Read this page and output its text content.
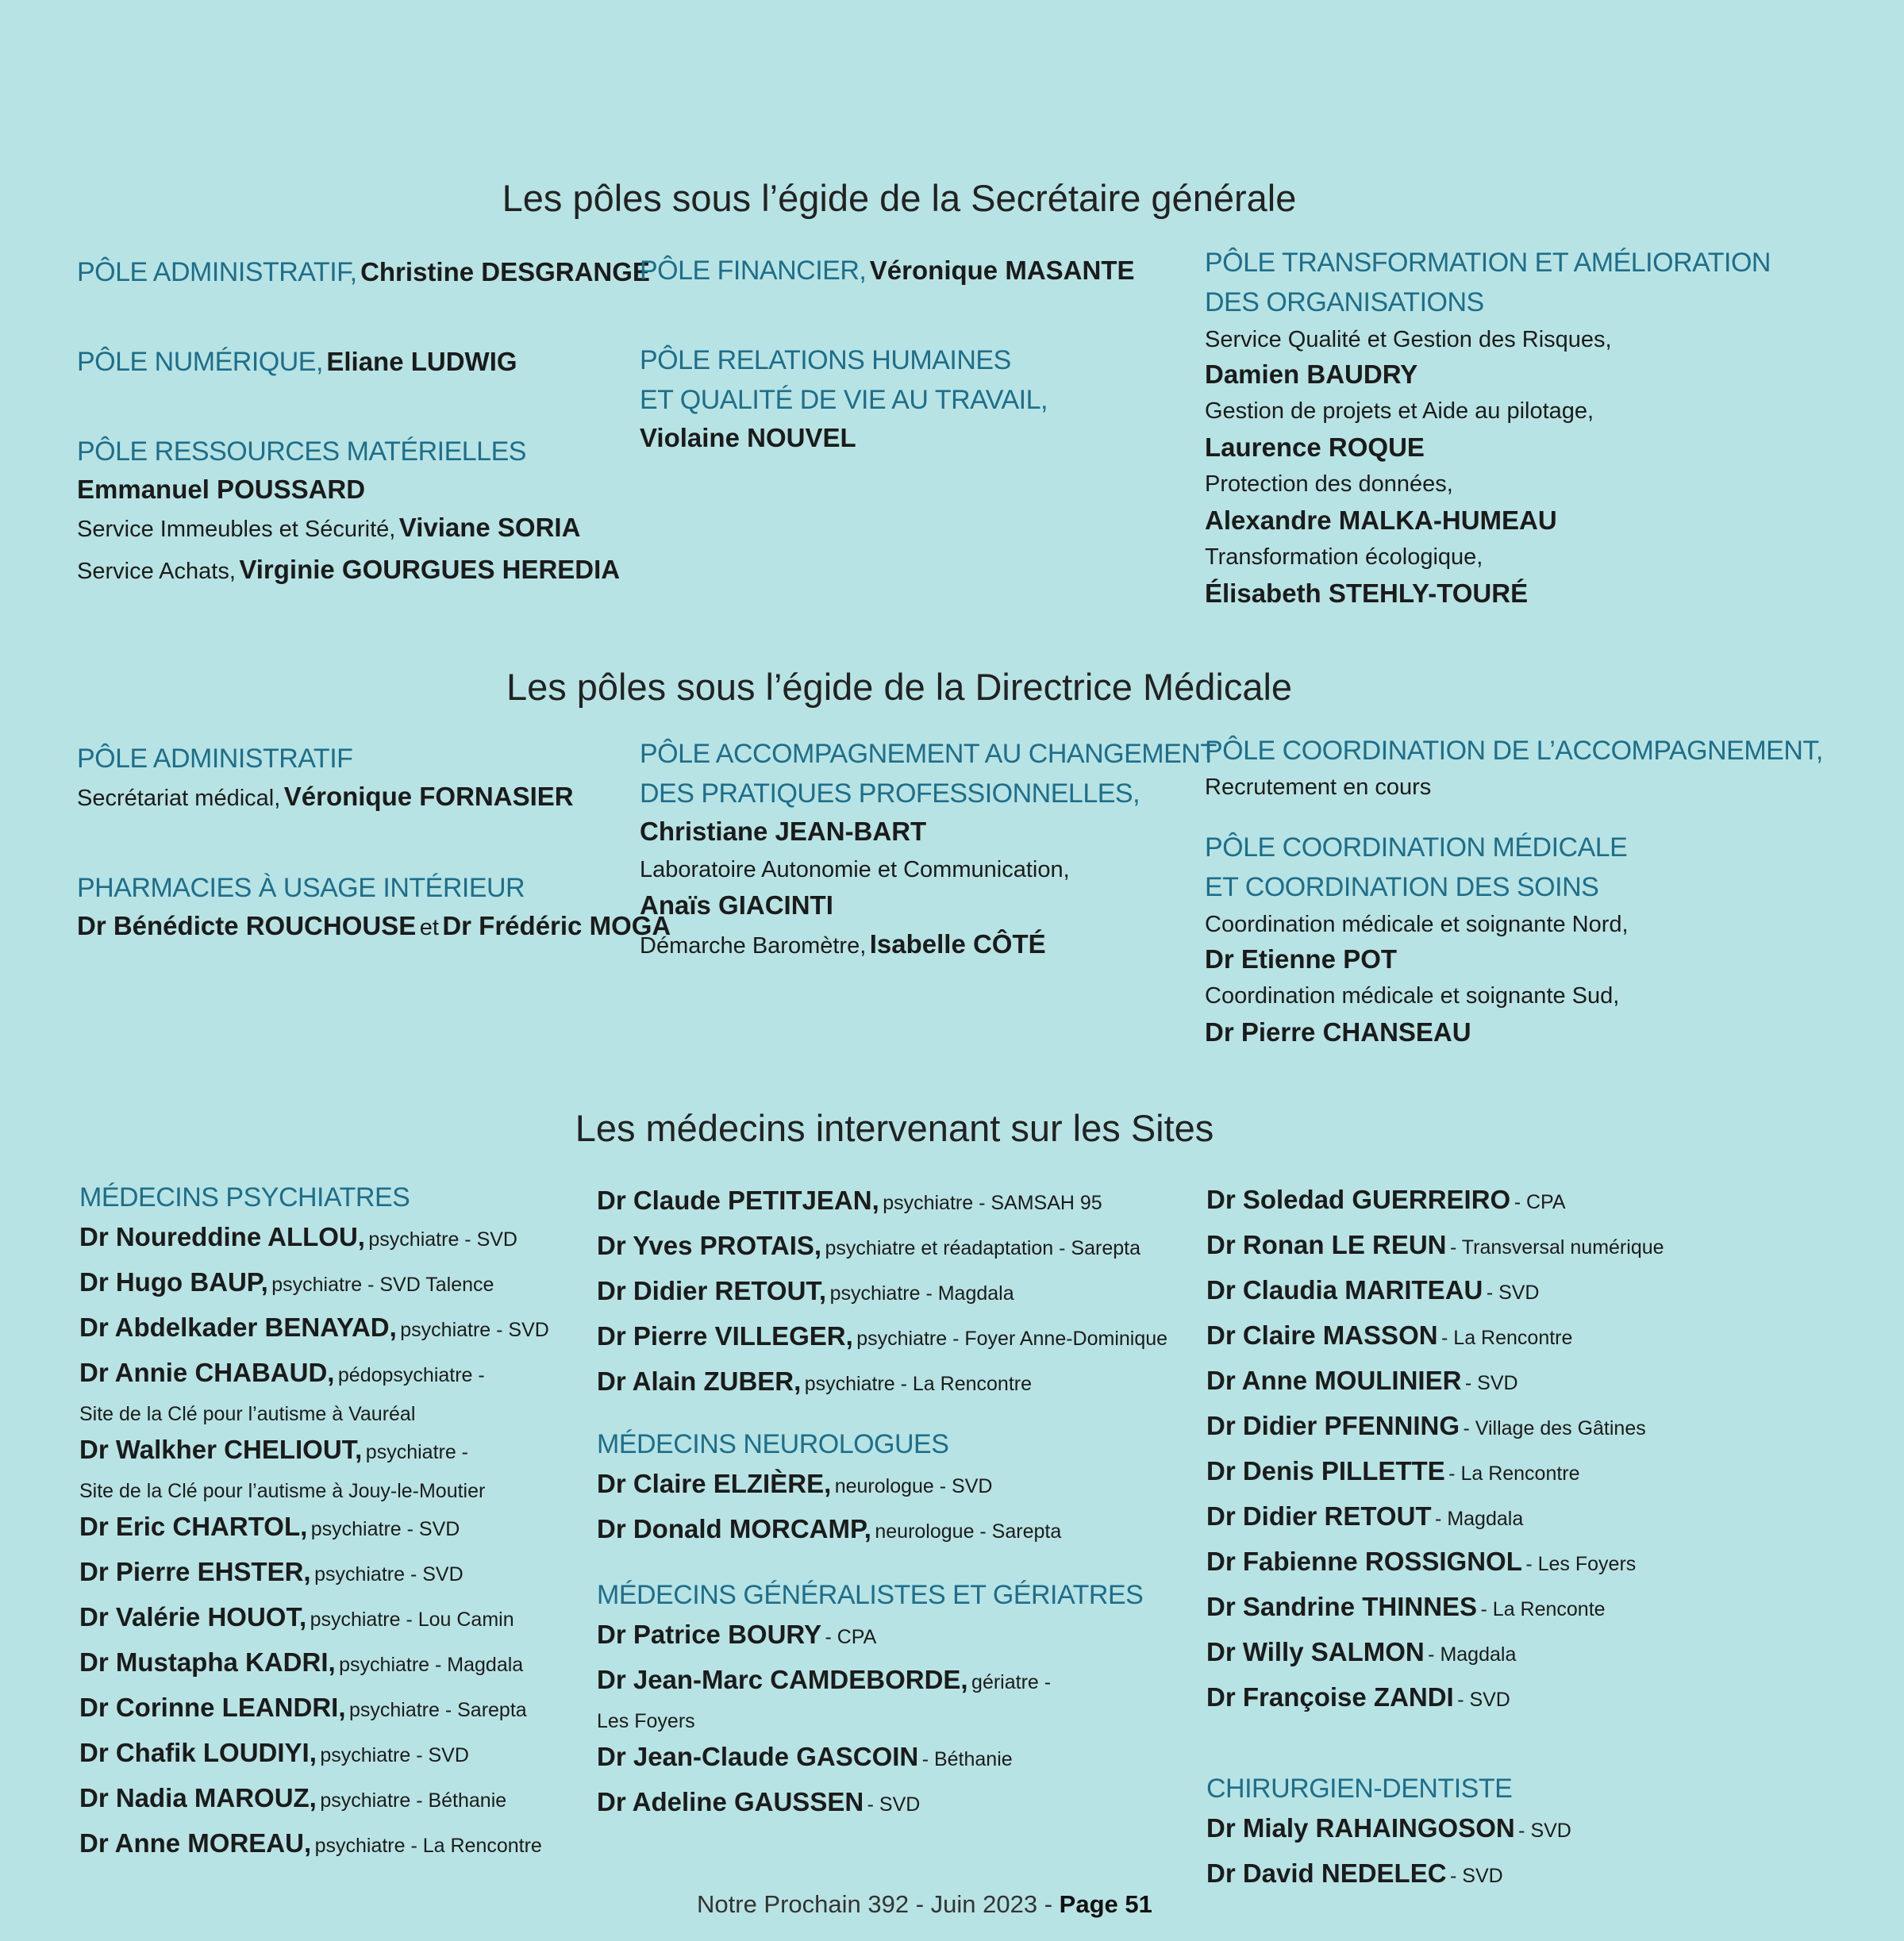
Les pôles sous l’égide de la Secrétaire générale
PÔLE ADMINISTRATIF, Christine DESGRANGE
PÔLE NUMÉRIQUE, Eliane LUDWIG
PÔLE RESSOURCES MATÉRIELLES
Emmanuel POUSSARD
Service Immeubles et Sécurité, Viviane SORIA
Service Achats, Virginie GOURGUES HEREDIA
PÔLE FINANCIER, Véronique MASANTE
PÔLE RELATIONS HUMAINES
ET QUALITÉ DE VIE AU TRAVAIL,
Violaine NOUVEL
PÔLE TRANSFORMATION ET AMÉLIORATION
DES ORGANISATIONS
Service Qualité et Gestion des Risques,
Damien BAUDRY
Gestion de projets et Aide au pilotage,
Laurence ROQUE
Protection des données,
Alexandre MALKA-HUMEAU
Transformation écologique,
Élisabeth STEHLY-TOURÉ
Les pôles sous l’égide de la Directrice Médicale
PÔLE ADMINISTRATIF
Secrétariat médical, Véronique FORNASIER
PHARMACIES À USAGE INTÉRIEUR
Dr Bénédicte ROUCHOUSE et Dr Frédéric MOGA
PÔLE ACCOMPAGNEMENT AU CHANGEMENT
DES PRATIQUES PROFESSIONNELLES,
Christiane JEAN-BART
Laboratoire Autonomie et Communication,
Anaïs GIACINTI
Démarche Baromètre, Isabelle CÔTÉ
PÔLE COORDINATION DE L’ACCOMPAGNEMENT,
Recrutement en cours
PÔLE COORDINATION MÉDICALE
ET COORDINATION DES SOINS
Coordination médicale et soignante Nord,
Dr Etienne POT
Coordination médicale et soignante Sud,
Dr Pierre CHANSEAU
Les médecins intervenant sur les Sites
MÉDECINS PSYCHIATRES
Dr Noureddine ALLOU, psychiatre - SVD
Dr Hugo BAUP, psychiatre - SVD Talence
Dr Abdelkader BENAYAD, psychiatre - SVD
Dr Annie CHABAUD, pédopsychiatre -
Site de la Clé pour l’autisme à Vauréal
Dr Walkher CHELIOUT, psychiatre -
Site de la Clé pour l’autisme à Jouy-le-Moutier
Dr Eric CHARTOL, psychiatre - SVD
Dr Pierre EHSTER, psychiatre - SVD
Dr Valérie HOUOT, psychiatre - Lou Camin
Dr Mustapha KADRI, psychiatre - Magdala
Dr Corinne LEANDRI, psychiatre - Sarepta
Dr Chafik LOUDIYI, psychiatre - SVD
Dr Nadia MAROUZ, psychiatre - Béthanie
Dr Anne MOREAU, psychiatre - La Rencontre
Dr Claude PETITJEAN, psychiatre - SAMSAH 95
Dr Yves PROTAIS, psychiatre et réadaptation - Sarepta
Dr Didier RETOUT, psychiatre - Magdala
Dr Pierre VILLEGER, psychiatre - Foyer Anne-Dominique
Dr Alain ZUBER, psychiatre - La Rencontre
MÉDECINS NEUROLOGUES
Dr Claire ELZIÈRE, neurologue - SVD
Dr Donald MORCAMP, neurologue - Sarepta
MÉDECINS GÉNÉRALISTES ET GÉRIATRES
Dr Patrice BOURY - CPA
Dr Jean-Marc CAMDEBORDE, gériatre -
Les Foyers
Dr Jean-Claude GASCOIN - Béthanie
Dr Adeline GAUSSEN - SVD
Dr Soledad GUERREIRO - CPA
Dr Ronan LE REUN - Transversal numérique
Dr Claudia MARITEAU - SVD
Dr Claire MASSON - La Rencontre
Dr Anne MOULINIER - SVD
Dr Didier PFENNING - Village des Gâtines
Dr Denis PILLETTE - La Rencontre
Dr Didier RETOUT - Magdala
Dr Fabienne ROSSIGNOL - Les Foyers
Dr Sandrine THINNES - La Renconte
Dr Willy SALMON - Magdala
Dr Françoise ZANDI - SVD
CHIRURGIEN-DENTISTE
Dr Mialy RAHAINGOSON - SVD
Dr David NEDELEC - SVD
Notre Prochain 392 - Juin 2023 - Page 51
